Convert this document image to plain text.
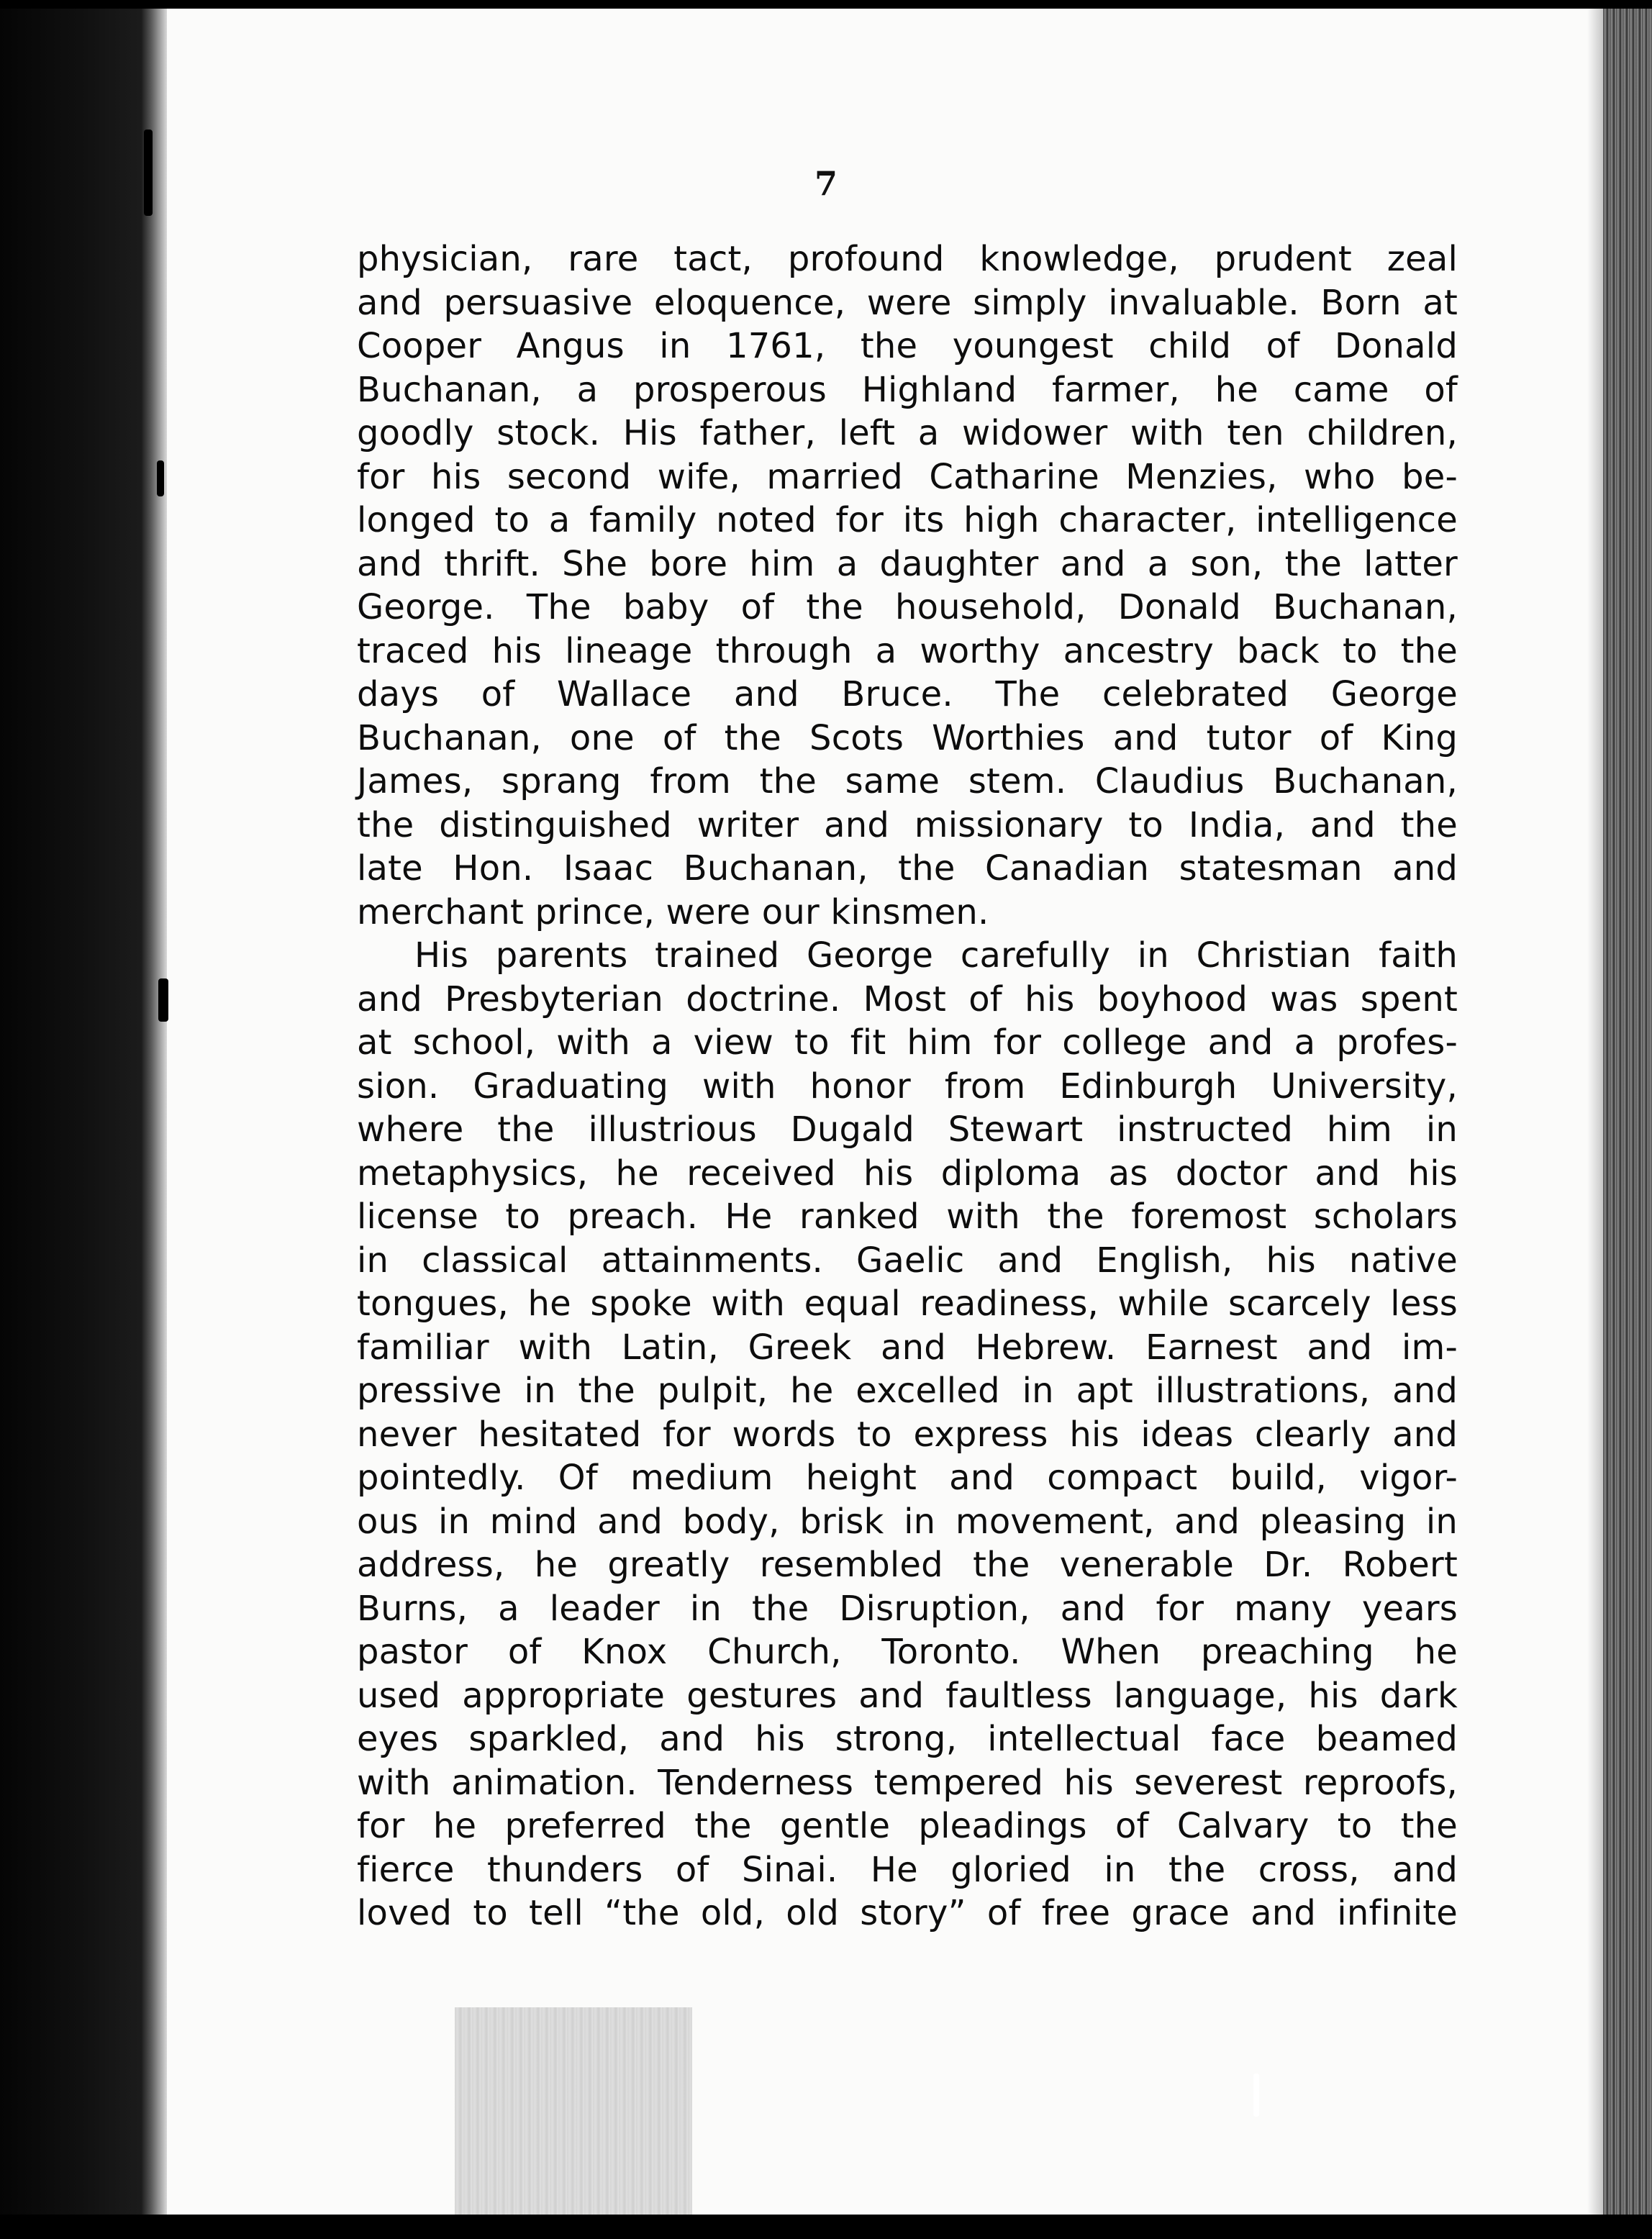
7
physician, rare tact, profound knowledge, prudent zeal
and persuasive eloquence, were simply invaluable. Born at
Cooper Angus in 1761, the youngest child of Donald
Buchanan, a prosperous Highland farmer, he came of
goodly stock. His father, left a widower with ten children,
for his second wife, married Catharine Menzies, who be-
longed to a family noted for its high character, intelligence
and thrift. She bore him a daughter and a son, the latter
George. The baby of the household, Donald Buchanan,
traced his lineage through a worthy ancestry back to the
days of Wallace and Bruce. The celebrated George
Buchanan, one of the Scots Worthies and tutor of King
James, sprang from the same stem. Claudius Buchanan,
the distinguished writer and missionary to India, and the
late Hon. Isaac Buchanan, the Canadian statesman and
merchant prince, were our kinsmen.
His parents trained George carefully in Christian faith
and Presbyterian doctrine. Most of his boyhood was spent
at school, with a view to fit him for college and a profes-
sion. Graduating with honor from Edinburgh University,
where the illustrious Dugald Stewart instructed him in
metaphysics, he received his diploma as doctor and his
license to preach. He ranked with the foremost scholars
in classical attainments. Gaelic and English, his native
tongues, he spoke with equal readiness, while scarcely less
familiar with Latin, Greek and Hebrew. Earnest and im-
pressive in the pulpit, he excelled in apt illustrations, and
never hesitated for words to express his ideas clearly and
pointedly. Of medium height and compact build, vigor-
ous in mind and body, brisk in movement, and pleasing in
address, he greatly resembled the venerable Dr. Robert
Burns, a leader in the Disruption, and for many years
pastor of Knox Church, Toronto. When preaching he
used appropriate gestures and faultless language, his dark
eyes sparkled, and his strong, intellectual face beamed
with animation. Tenderness tempered his severest reproofs,
for he preferred the gentle pleadings of Calvary to the
fierce thunders of Sinai. He gloried in the cross, and
loved to tell “the old, old story” of free grace and infinite
